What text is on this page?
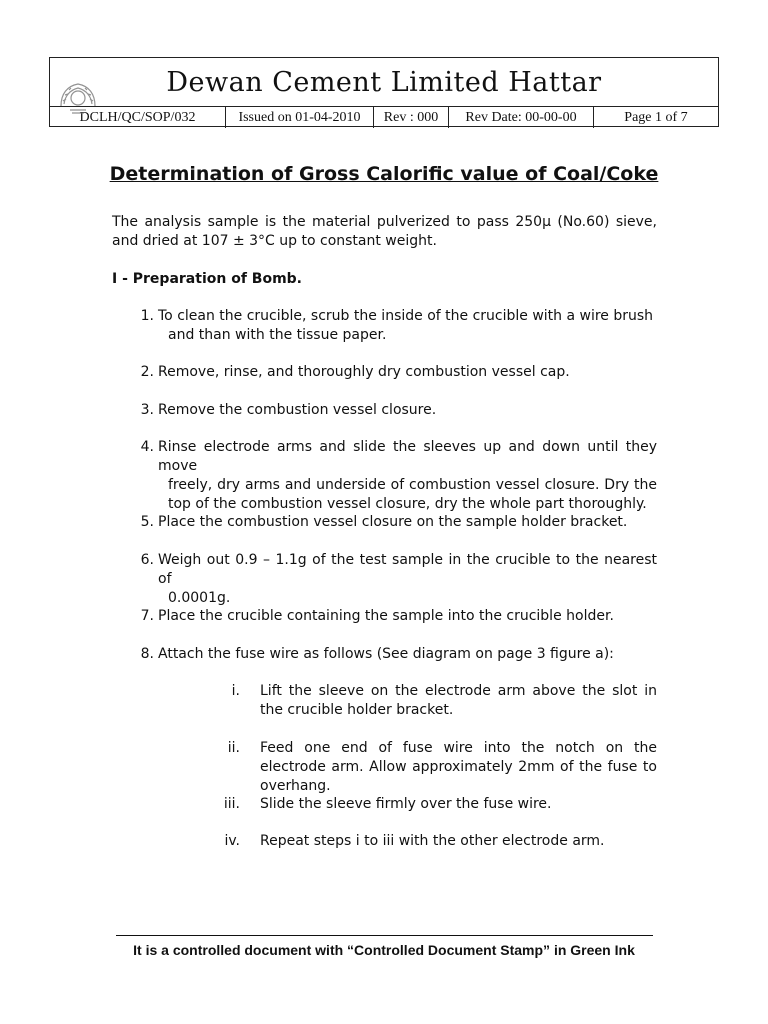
Dewan Cement Limited Hattar
DCLH/QC/SOP/032	Issued on 01-04-2010	Rev : 000	Rev Date: 00-00-00	Page 1 of 7
Determination of Gross Calorific value of Coal/Coke
The analysis sample is the material pulverized to pass 250µ (No.60) sieve, and dried at 107 ± 3°C up to constant weight.
I - Preparation of Bomb.
1. To clean the crucible, scrub the inside of the crucible with a wire brush
and than with the tissue paper.
2. Remove, rinse, and thoroughly dry combustion vessel cap.
3. Remove the combustion vessel closure.
4. Rinse electrode arms and slide the sleeves up and down until they move
freely, dry arms and underside of combustion vessel closure. Dry the top of the combustion vessel closure, dry the whole part thoroughly.
5. Place the combustion vessel closure on the sample holder bracket.
6. Weigh out 0.9 – 1.1g of the test sample in the crucible to the nearest of
0.0001g.
7. Place the crucible containing the sample into the crucible holder.
8. Attach the fuse wire as follows (See diagram on page 3 figure a):
i. Lift the sleeve on the electrode arm above the slot in the crucible holder bracket.
ii. Feed one end of fuse wire into the notch on the electrode arm. Allow approximately 2mm of the fuse to overhang.
iii. Slide the sleeve firmly over the fuse wire.
iv. Repeat steps i to iii with the other electrode arm.
It is a controlled document with “Controlled Document Stamp” in Green Ink
